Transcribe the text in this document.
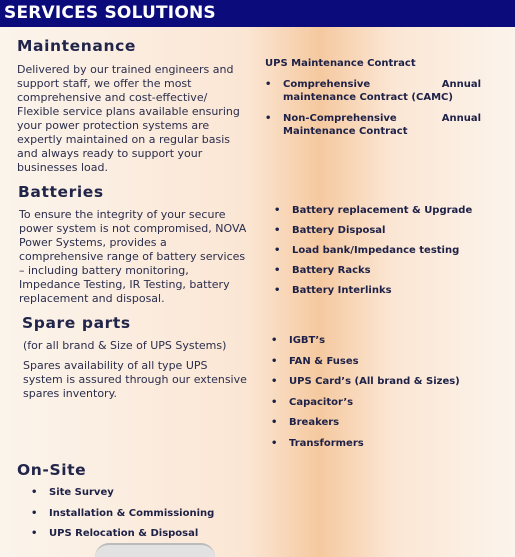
SERVICES SOLUTIONS
Maintenance
Delivered by our trained engineers and
support staff, we offer the most
comprehensive and cost-effective/
Flexible service plans available ensuring
your power protection systems are
expertly maintained on a regular basis
and always ready to support your
businesses load.
UPS Maintenance Contract
• Comprehensive	Annual
maintenance Contract (CAMC)
• Non-Comprehensive	Annual
Maintenance Contract
Batteries
To ensure the integrity of your secure
power system is not compromised, NOVA
Power Systems, provides a
comprehensive range of battery services
– including battery monitoring,
Impedance Testing, IR Testing, battery
replacement and disposal.
• Battery replacement & Upgrade
• Battery Disposal
• Load bank/Impedance testing
• Battery Racks
• Battery Interlinks
Spare parts
(for all brand & Size of UPS Systems)
Spares availability of all type UPS
system is assured through our extensive
spares inventory.
• IGBT’s
• FAN & Fuses
• UPS Card’s (All brand & Sizes)
• Capacitor’s
• Breakers
• Transformers
On-Site
• Site Survey
• Installation & Commissioning
• UPS Relocation & Disposal
